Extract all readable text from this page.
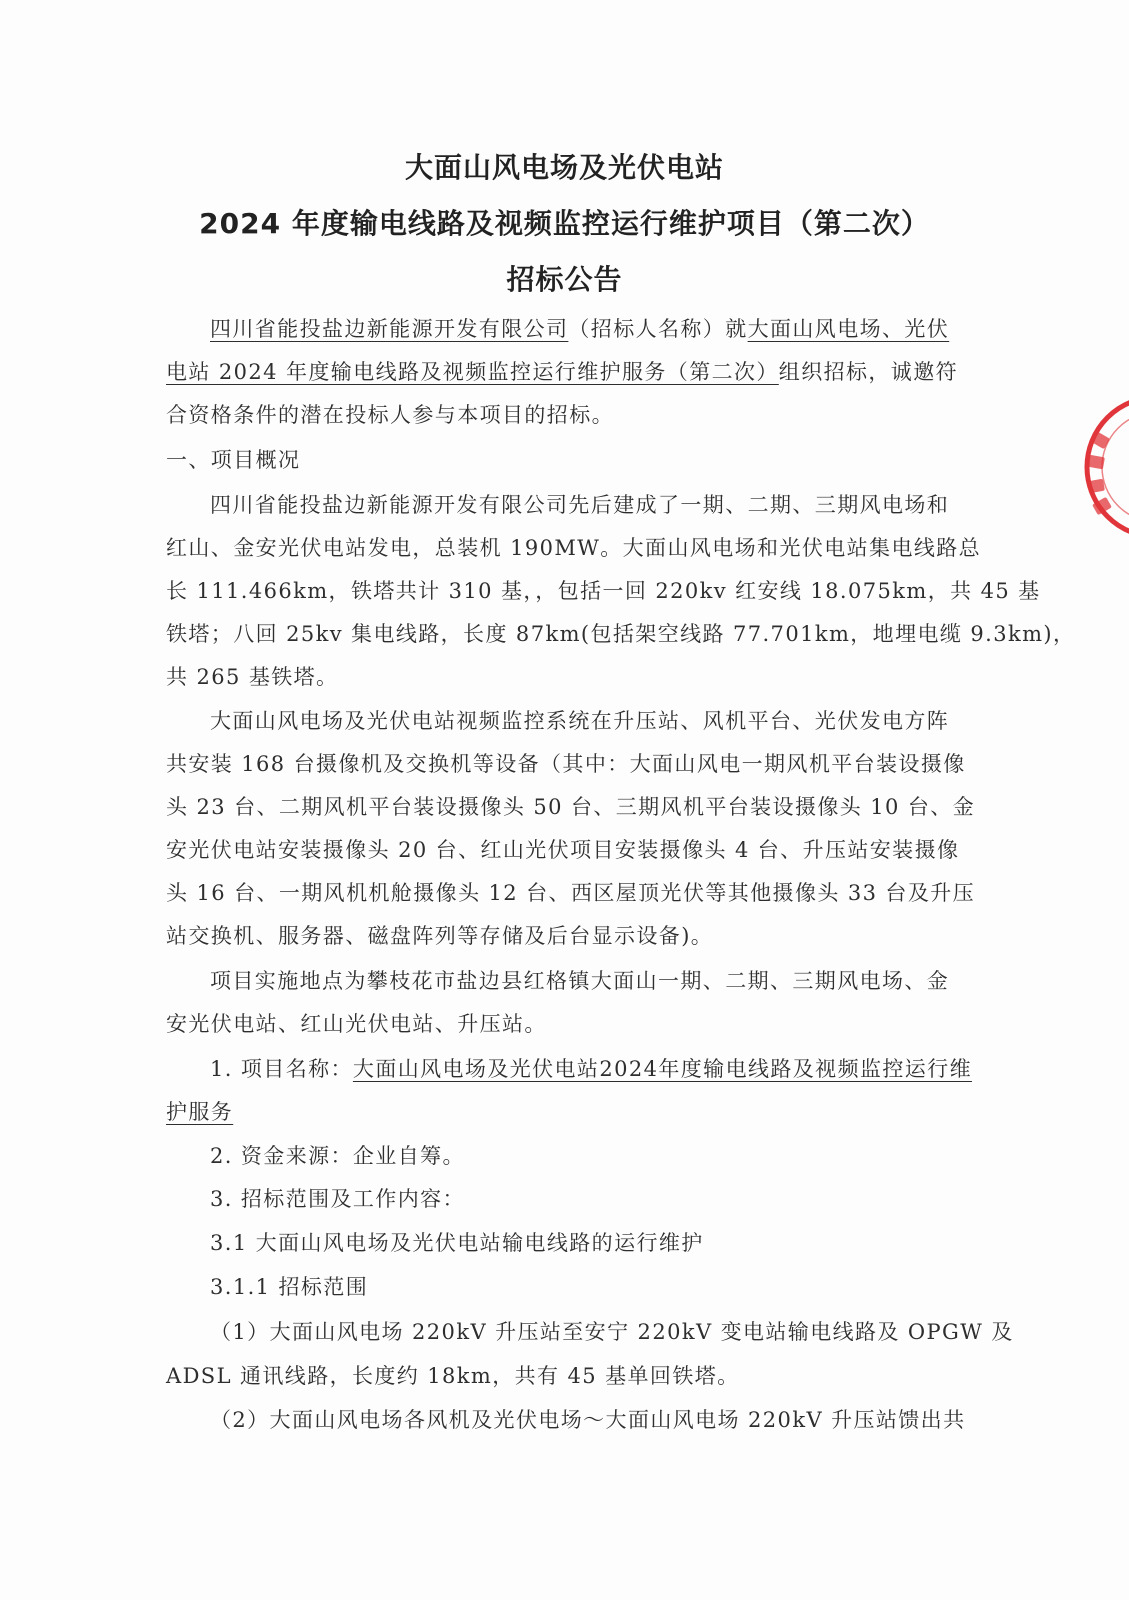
大面山风电场及光伏电站
2024 年度输电线路及视频监控运行维护项目（第二次）
招标公告
四川省能投盐边新能源开发有限公司（招标人名称）就大面山风电场、光伏
电站 2024 年度输电线路及视频监控运行维护服务（第二次）组织招标，诚邀符
合资格条件的潜在投标人参与本项目的招标。
一、项目概况
四川省能投盐边新能源开发有限公司先后建成了一期、二期、三期风电场和
红山、金安光伏电站发电，总装机 190MW。大面山风电场和光伏电站集电线路总
长 111.466km，铁塔共计 310 基，，包括一回 220kv 红安线 18.075km，共 45 基
铁塔；八回 25kv 集电线路，长度 87km(包括架空线路 77.701km，地埋电缆 9.3km)，
共 265 基铁塔。
大面山风电场及光伏电站视频监控系统在升压站、风机平台、光伏发电方阵
共安装 168 台摄像机及交换机等设备（其中：大面山风电一期风机平台装设摄像
头 23 台、二期风机平台装设摄像头 50 台、三期风机平台装设摄像头 10 台、金
安光伏电站安装摄像头 20 台、红山光伏项目安装摄像头 4 台、升压站安装摄像
头 16 台、一期风机机舱摄像头 12 台、西区屋顶光伏等其他摄像头 33 台及升压
站交换机、服务器、磁盘阵列等存储及后台显示设备)。
项目实施地点为攀枝花市盐边县红格镇大面山一期、二期、三期风电场、金
安光伏电站、红山光伏电站、升压站。
1. 项目名称：大面山风电场及光伏电站2024年度输电线路及视频监控运行维
护服务
2. 资金来源：企业自筹。
3. 招标范围及工作内容：
3.1 大面山风电场及光伏电站输电线路的运行维护
3.1.1 招标范围
（1）大面山风电场 220kV 升压站至安宁 220kV 变电站输电线路及 OPGW 及
ADSL 通讯线路，长度约 18km，共有 45 基单回铁塔。
（2）大面山风电场各风机及光伏电场～大面山风电场 220kV 升压站馈出共
